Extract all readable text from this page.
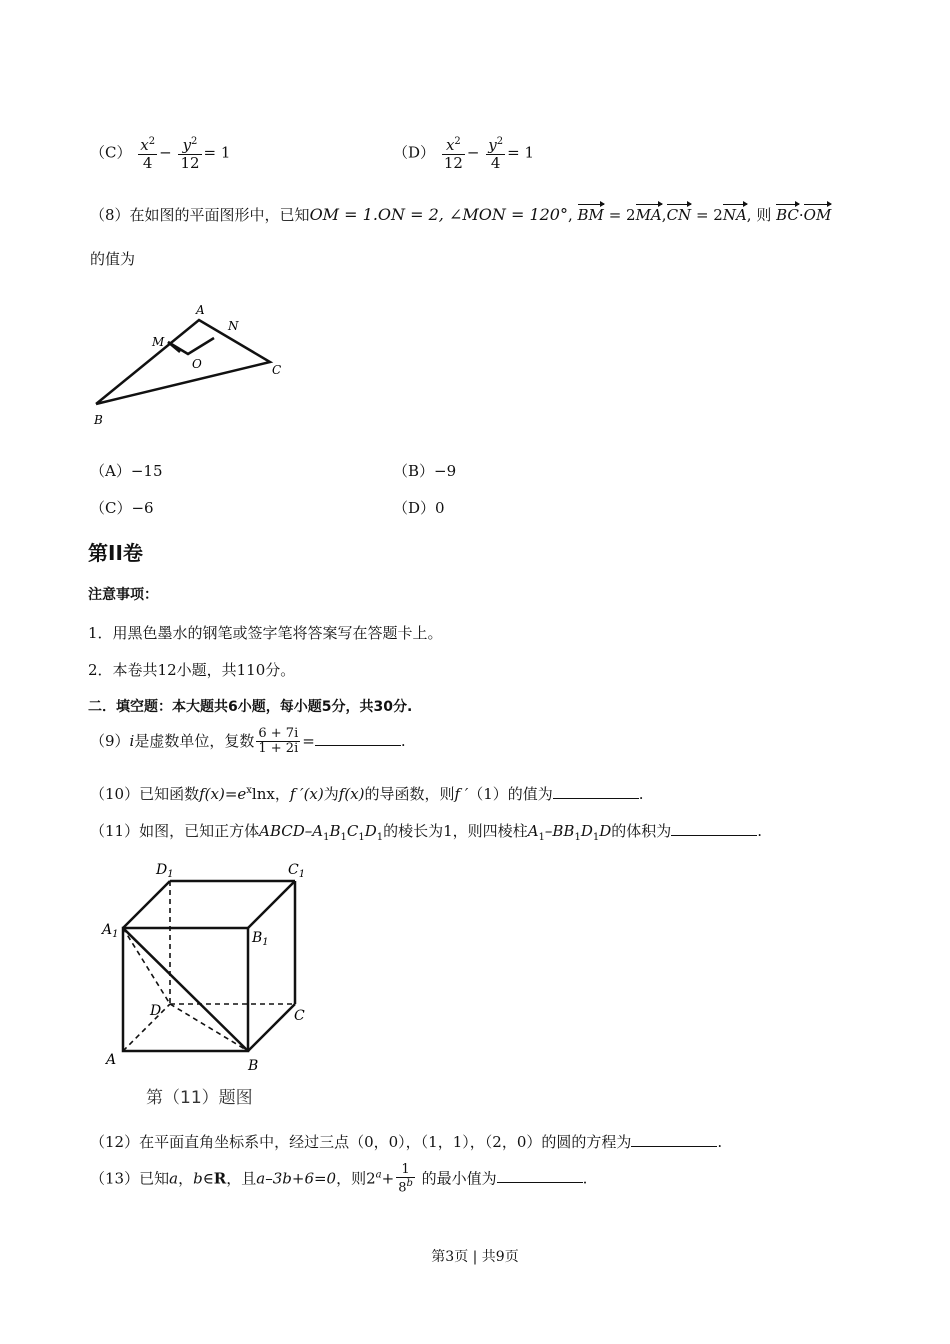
$(C) \frac{x^2}{4} - \frac{y^2}{12} = 1$	$(D) \frac{x^2}{12} - \frac{y^2}{4} = 1$
（8）在如图的平面图形中，已知OM = 1.ON = 2, ∠MON = 120°, BM = 2MA,CN = 2NA, 则 BC·OM
的值为
A
N
M
O	C
B
（A）−15	（B）−9
（C）−6	（D）0
第II卷
注意事项：
1．用黑色墨水的钢笔或签字笔将答案写在答题卡上。
2．本卷共12小题，共110分。
二．填空题：本大题共6小题，每小题5分，共30分.
（9）i是虚数单位，复数 $\frac{6 + 7i}{1 + 2i}$ =	.
（10）已知函数$f(x)=e^x\ln x$，f ′(x)为f(x)的导函数，则f ′（1）的值为	.
（11）如图，已知正方体ABCD–$A_1B_1C_1D_1$的棱长为1，则四棱柱$A_1-BB_1D_1D$的体积为	.
$D_1$	$C_1$
$A_1$	$B_1$
D	C
A	B
第（11）题图
（12）在平面直角坐标系中，经过三点（0，0），（1，1），（2，0）的圆的方程为	.
（13）已知a，b∈R，且a–3b+6=0，则$2^a+ \frac{1}{8^b}$ 的最小值为	.
第3页 | 共9页
